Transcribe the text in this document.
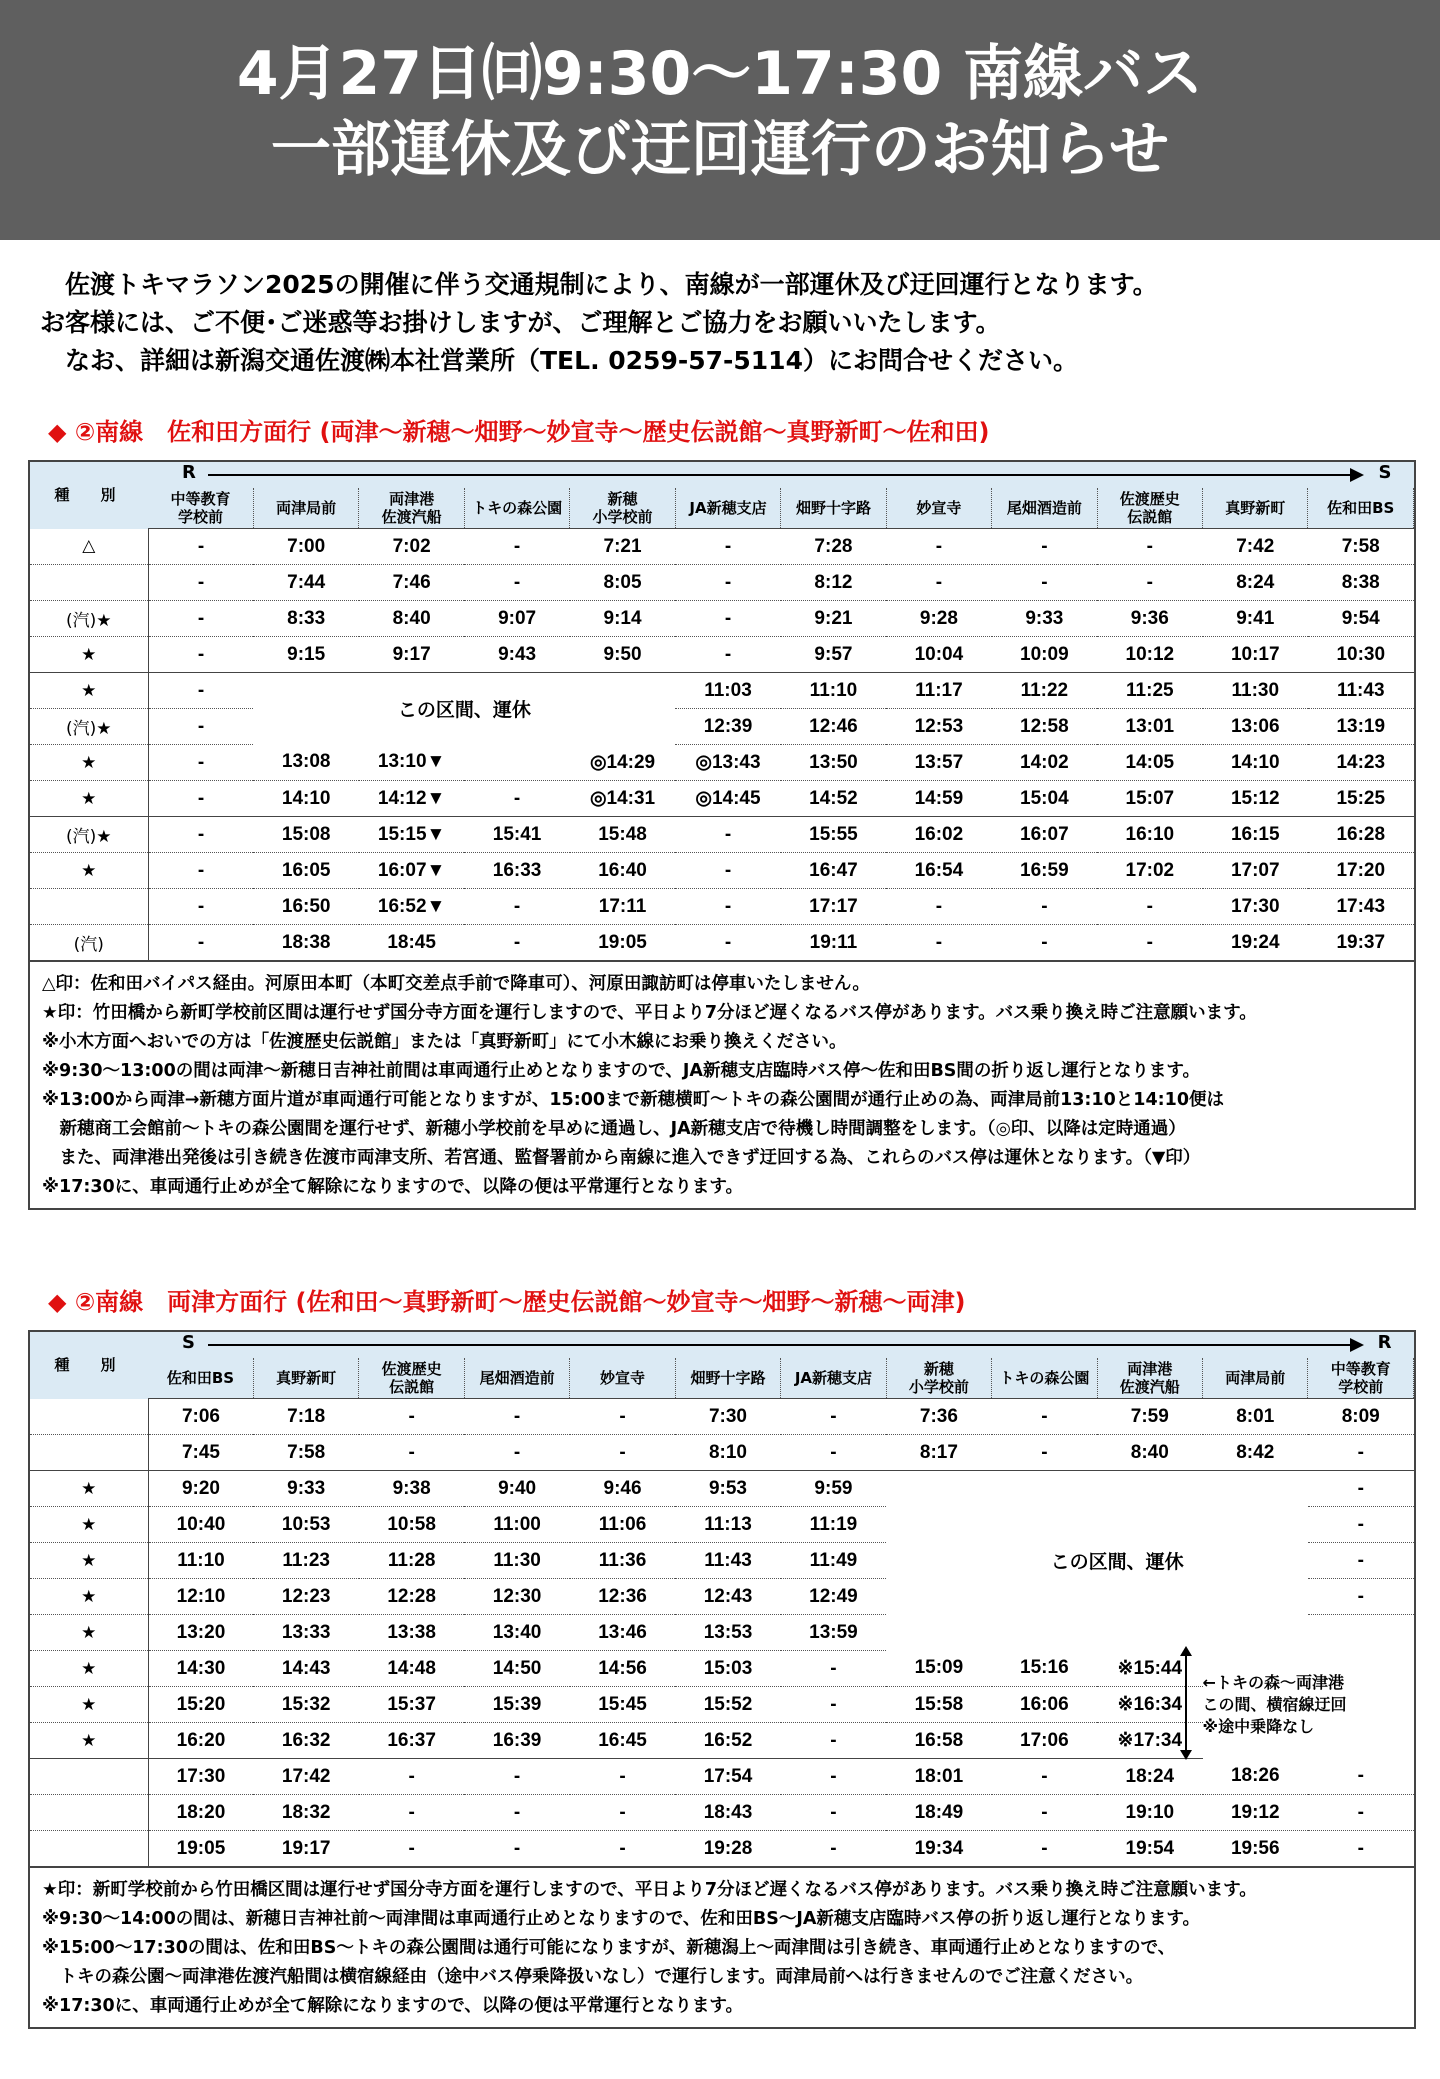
4月27日㈰9:30～17:30 南線バス
一部運休及び迂回運行のお知らせ
　佐渡トキマラソン2025の開催に伴う交通規制により、南線が一部運休及び迂回運行となります。
お客様には、ご不便･ご迷惑等お掛けしますが、ご理解とご協力をお願いいたします。
　なお、詳細は新潟交通佐渡㈱本社営業所（TEL. 0259-57-5114）にお問合せください。
◆ ②南線　佐和田方面行 (両津～新穂～畑野～妙宣寺～歴史伝説館～真野新町～佐和田)
種　別	R S											

	中等教育
学校前	両津局前	両津港
佐渡汽船	トキの森公園	新穂
小学校前	JA新穂支店	畑野十字路	妙宣寺	尾畑酒造前	佐渡歴史
伝説館	真野新町	佐和田BS
△	-	7:00	7:02	-	7:21	-	7:28	-	-	-	7:42	7:58
	-	7:44	7:46	-	8:05	-	8:12	-	-	-	8:24	8:38
(汽)★	-	8:33	8:40	9:07	9:14	-	9:21	9:28	9:33	9:36	9:41	9:54
★	-	9:15	9:17	9:43	9:50	-	9:57	10:04	10:09	10:12	10:17	10:30
★	-	この区間、運休				11:03	11:10	11:17	11:22	11:25	11:30	11:43
(汽)★	-					12:39	12:46	12:53	12:58	13:01	13:06	13:19
★	-	13:08	13:10▼		◎14:29	◎13:43	13:50	13:57	14:02	14:05	14:10	14:23
★	-	14:10	14:12▼	-	◎14:31	◎14:45	14:52	14:59	15:04	15:07	15:12	15:25
(汽)★	-	15:08	15:15▼	15:41	15:48	-	15:55	16:02	16:07	16:10	16:15	16:28
★	-	16:05	16:07▼	16:33	16:40	-	16:47	16:54	16:59	17:02	17:07	17:20
	-	16:50	16:52▼	-	17:11	-	17:17	-	-	-	17:30	17:43
(汽)	-	18:38	18:45	-	19:05	-	19:11	-	-	-	19:24	19:37
△印：佐和田バイパス経由。河原田本町（本町交差点手前で降車可）、河原田諏訪町は停車いたしません。
★印：竹田橋から新町学校前区間は運行せず国分寺方面を運行しますので、平日より7分ほど遅くなるバス停があります。バス乗り換え時ご注意願います。
※小木方面へおいでの方は「佐渡歴史伝説館」または「真野新町」にて小木線にお乗り換えください。
※9:30～13:00の間は両津～新穂日吉神社前間は車両通行止めとなりますので、JA新穂支店臨時バス停～佐和田BS間の折り返し運行となります。
※13:00から両津→新穂方面片道が車両通行可能となりますが、15:00まで新穂横町～トキの森公園間が通行止めの為、両津局前13:10と14:10便は
　新穂商工会館前～トキの森公園間を運行せず、新穂小学校前を早めに通過し、JA新穂支店で待機し時間調整をします。（◎印、以降は定時通過）
　また、両津港出発後は引き続き佐渡市両津支所、若宮通、監督署前から南線に進入できず迂回する為、これらのバス停は運休となります。（▼印）
※17:30に、車両通行止めが全て解除になりますので、以降の便は平常運行となります。
◆ ②南線　両津方面行 (佐和田～真野新町～歴史伝説館～妙宣寺～畑野～新穂～両津)
種　別	S R											

	佐和田BS	真野新町	佐渡歴史
伝説館	尾畑酒造前	妙宣寺	畑野十字路	JA新穂支店	新穂
小学校前	トキの森公園	両津港
佐渡汽船	両津局前	中等教育
学校前
	7:06	7:18	-	-	-	7:30	-	7:36	-	7:59	8:01	8:09
	7:45	7:58	-	-	-	8:10	-	8:17	-	8:40	8:42	-
★	9:20	9:33	9:38	9:40	9:46	9:53	9:59	この区間、運休				-
★	10:40	10:53	10:58	11:00	11:06	11:13	11:19					-
★	11:10	11:23	11:28	11:30	11:36	11:43	11:49					-
★	12:10	12:23	12:28	12:30	12:36	12:43	12:49					-
★	13:20	13:33	13:38	13:40	13:46	13:53	13:59					
★	14:30	14:43	14:48	14:50	14:56	15:03	-	15:09	15:16	※15:44	←トキの森～両津港
この間、横宿線迂回
※途中乗降なし	

★	15:20	15:32	15:37	15:39	15:45	15:52	-	15:58	16:06	※16:34		
★	16:20	16:32	16:37	16:39	16:45	16:52	-	16:58	17:06	※17:34		
	17:30	17:42	-	-	-	17:54	-	18:01	-	18:24	18:26	-
	18:20	18:32	-	-	-	18:43	-	18:49	-	19:10	19:12	-
	19:05	19:17	-	-	-	19:28	-	19:34	-	19:54	19:56	-
★印：新町学校前から竹田橋区間は運行せず国分寺方面を運行しますので、平日より7分ほど遅くなるバス停があります。バス乗り換え時ご注意願います。
※9:30～14:00の間は、新穂日吉神社前～両津間は車両通行止めとなりますので、佐和田BS～JA新穂支店臨時バス停の折り返し運行となります。
※15:00～17:30の間は、佐和田BS～トキの森公園間は通行可能になりますが、新穂潟上～両津間は引き続き、車両通行止めとなりますので、
　トキの森公園～両津港佐渡汽船間は横宿線経由（途中バス停乗降扱いなし）で運行します。両津局前へは行きませんのでご注意ください。
※17:30に、車両通行止めが全て解除になりますので、以降の便は平常運行となります。
